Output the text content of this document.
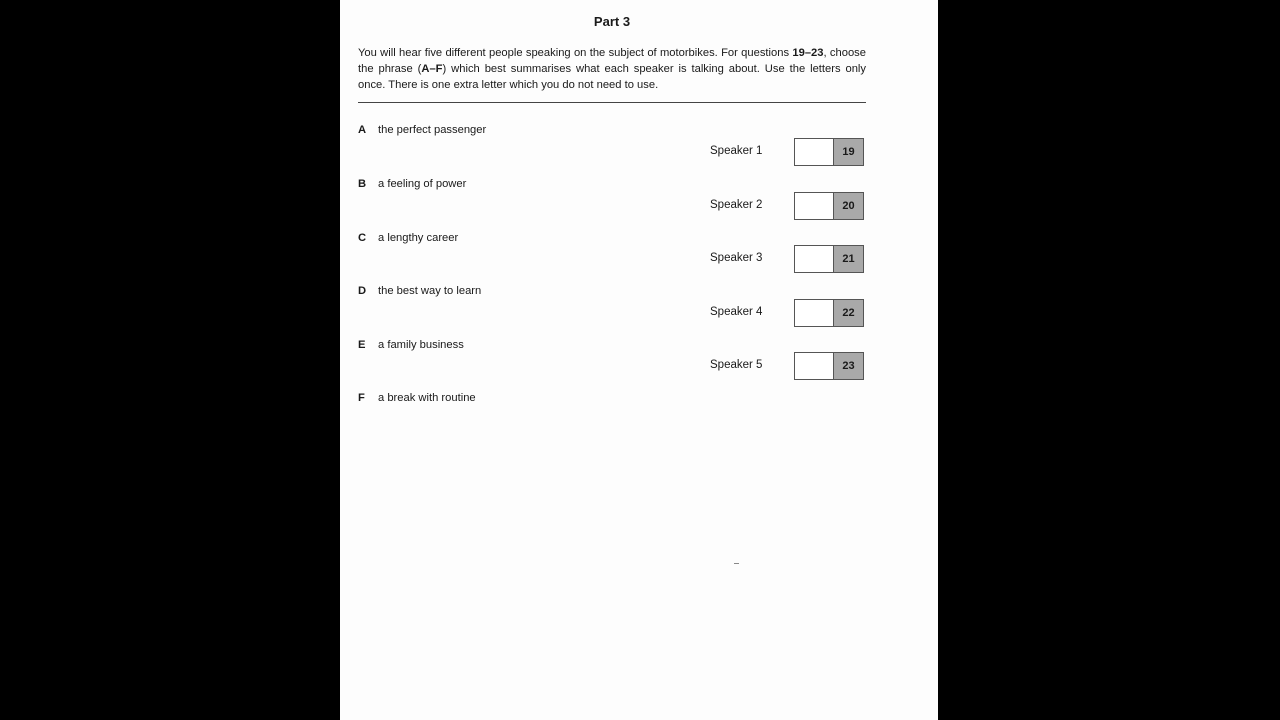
Part 3
You will hear five different people speaking on the subject of motorbikes. For questions 19–23, choose the phrase (A–F) which best summarises what each speaker is talking about. Use the letters only once. There is one extra letter which you do not need to use.
A the perfect passenger
B a feeling of power
C a lengthy career
D the best way to learn
E a family business
F a break with routine
Speaker 1	19
Speaker 2	20
Speaker 3	21
Speaker 4	22
Speaker 5	23
